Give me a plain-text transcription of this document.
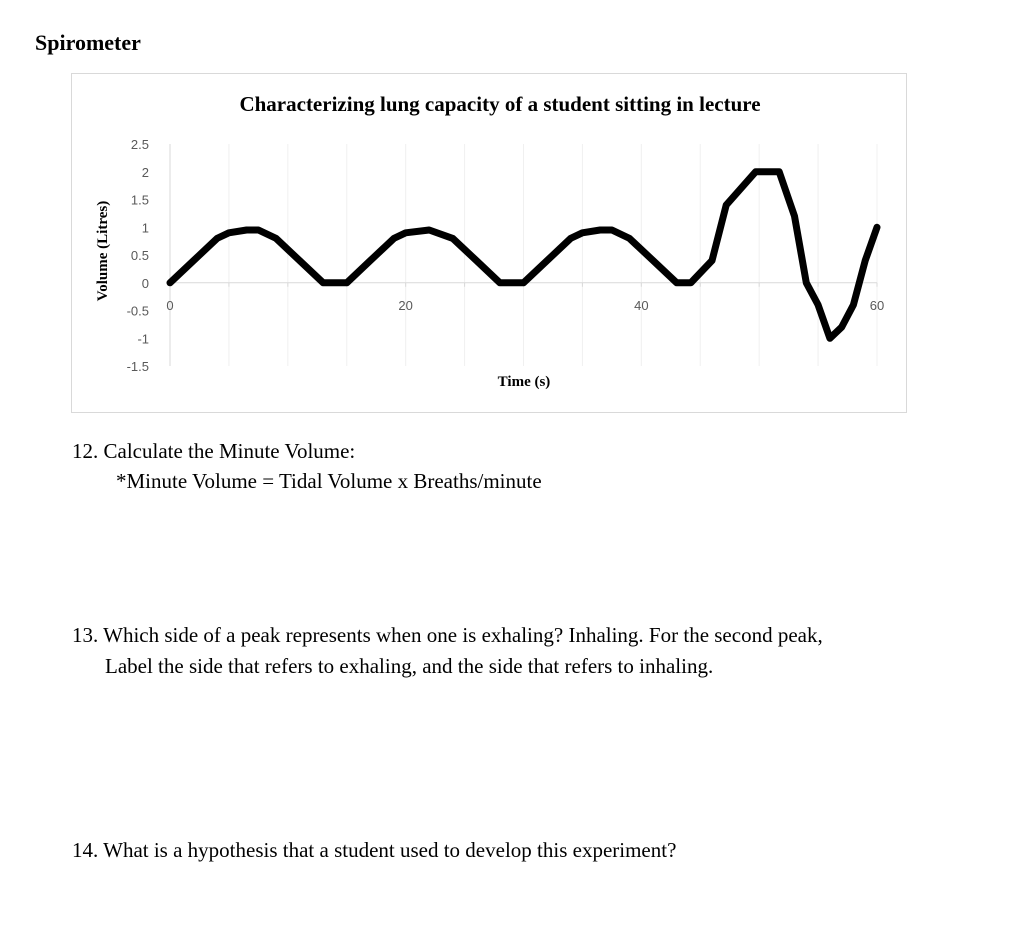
Spirometer
Characterizing lung capacity of a student sitting in lecture
2.5
2
1.5
1
0.5
0
-0.5
-1
-1.5
0	20	40	60
Time (s)
Volume (Litres)
12. Calculate the Minute Volume:
*Minute Volume = Tidal Volume x Breaths/minute
13. Which side of a peak represents when one is exhaling? Inhaling. For the second peak,
Label the side that refers to exhaling, and the side that refers to inhaling.
14. What is a hypothesis that a student used to develop this experiment?
